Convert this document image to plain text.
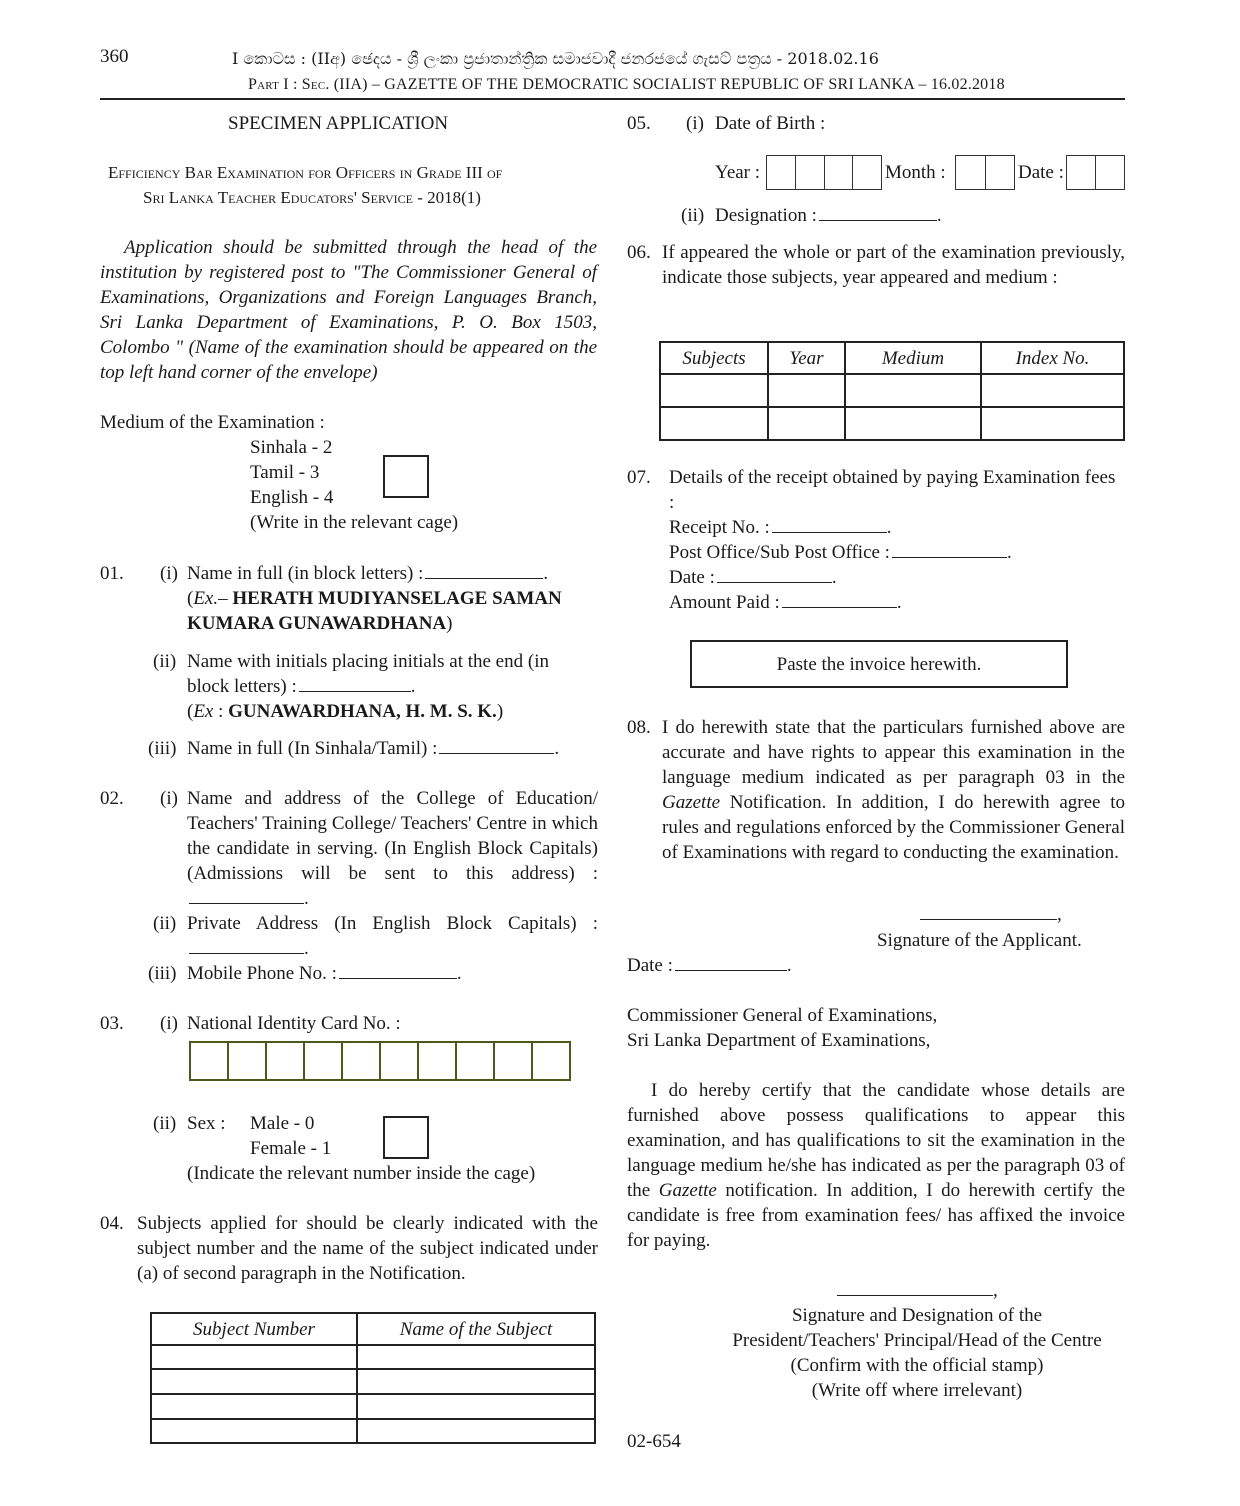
360	I කොටස : (IIඅ) ඡෙදය - ශ්‍රී ලංකා ප්‍රජාතාන්ත්‍රික සමාජවාදී ජනරජයේ ගැසට් පත්‍රය - 2018.02.16
Part I : Sec. (IIA) – GAZETTE OF THE DEMOCRATIC SOCIALIST REPUBLIC OF SRI LANKA – 16.02.2018
SPECIMEN APPLICATION
Efficiency Bar Examination for Officers in Grade III of
Sri Lanka Teacher Educators' Service - 2018(1)
Application should be submitted through the head of the institution by registered post to "The Commissioner General of Examinations, Organizations and Foreign Languages Branch, Sri Lanka Department of Examinations, P. O. Box 1503, Colombo " (Name of the examination should be appeared on the top left hand corner of the envelope)
Medium of the Examination :
Sinhala - 2
Tamil - 3
English - 4
(Write in the relevant cage)
01. (i) Name in full (in block letters) :	.
(Ex.– HERATH MUDIYANSELAGE SAMAN
KUMARA GUNAWARDHANA)
(ii) Name with initials placing initials at the end (in
block letters) :	.
(Ex : GUNAWARDHANA, H. M. S. K.)
(iii) Name in full (In Sinhala/Tamil) :	.
02. (i) Name and address of the College of Education/ Teachers' Training College/ Teachers' Centre in which the candidate in serving. (In English Block Capitals) (Admissions will be sent to this address) :.
(ii) Private Address (In English Block Capitals) : .
(iii) Mobile Phone No. :	.
03. (i) National Identity Card No. :
(ii) Sex : Male - 0
Female - 1
(Indicate the relevant number inside the cage)
04. Subjects applied for should be clearly indicated with the subject number and the name of the subject indicated under (a) of second paragraph in the Notification.
Subject Number	Name of the Subject

05. (i) Date of Birth :
Year :	Month :	Date :
(ii) Designation :	.
06. If appeared the whole or part of the examination previously, indicate those subjects, year appeared and medium :
Subjects	Year	Medium	Index No.

07. Details of the receipt obtained by paying Examination fees :
Receipt No. :	.
Post Office/Sub Post Office :	.
Date :	.
Amount Paid :	.
Paste the invoice herewith.
08. I do herewith state that the particulars furnished above are accurate and have rights to appear this examination in the language medium indicated as per paragraph 03 in the Gazette Notification. In addition, I do herewith agree to rules and regulations enforced by the Commissioner General of Examinations with regard to conducting the examination.
,
Signature of the Applicant.
Date :	.
Commissioner General of Examinations,
Sri Lanka Department of Examinations,
I do hereby certify that the candidate whose details are furnished above possess qualifications to appear this examination, and has qualifications to sit the examination in the language medium he/she has indicated as per the paragraph 03 of the Gazette notification. In addition, I do herewith certify the candidate is free from examination fees/ has affixed the invoice for paying.
,
Signature and Designation of the
President/Teachers' Principal/Head of the Centre
(Confirm with the official stamp)
(Write off where irrelevant)
02-654
